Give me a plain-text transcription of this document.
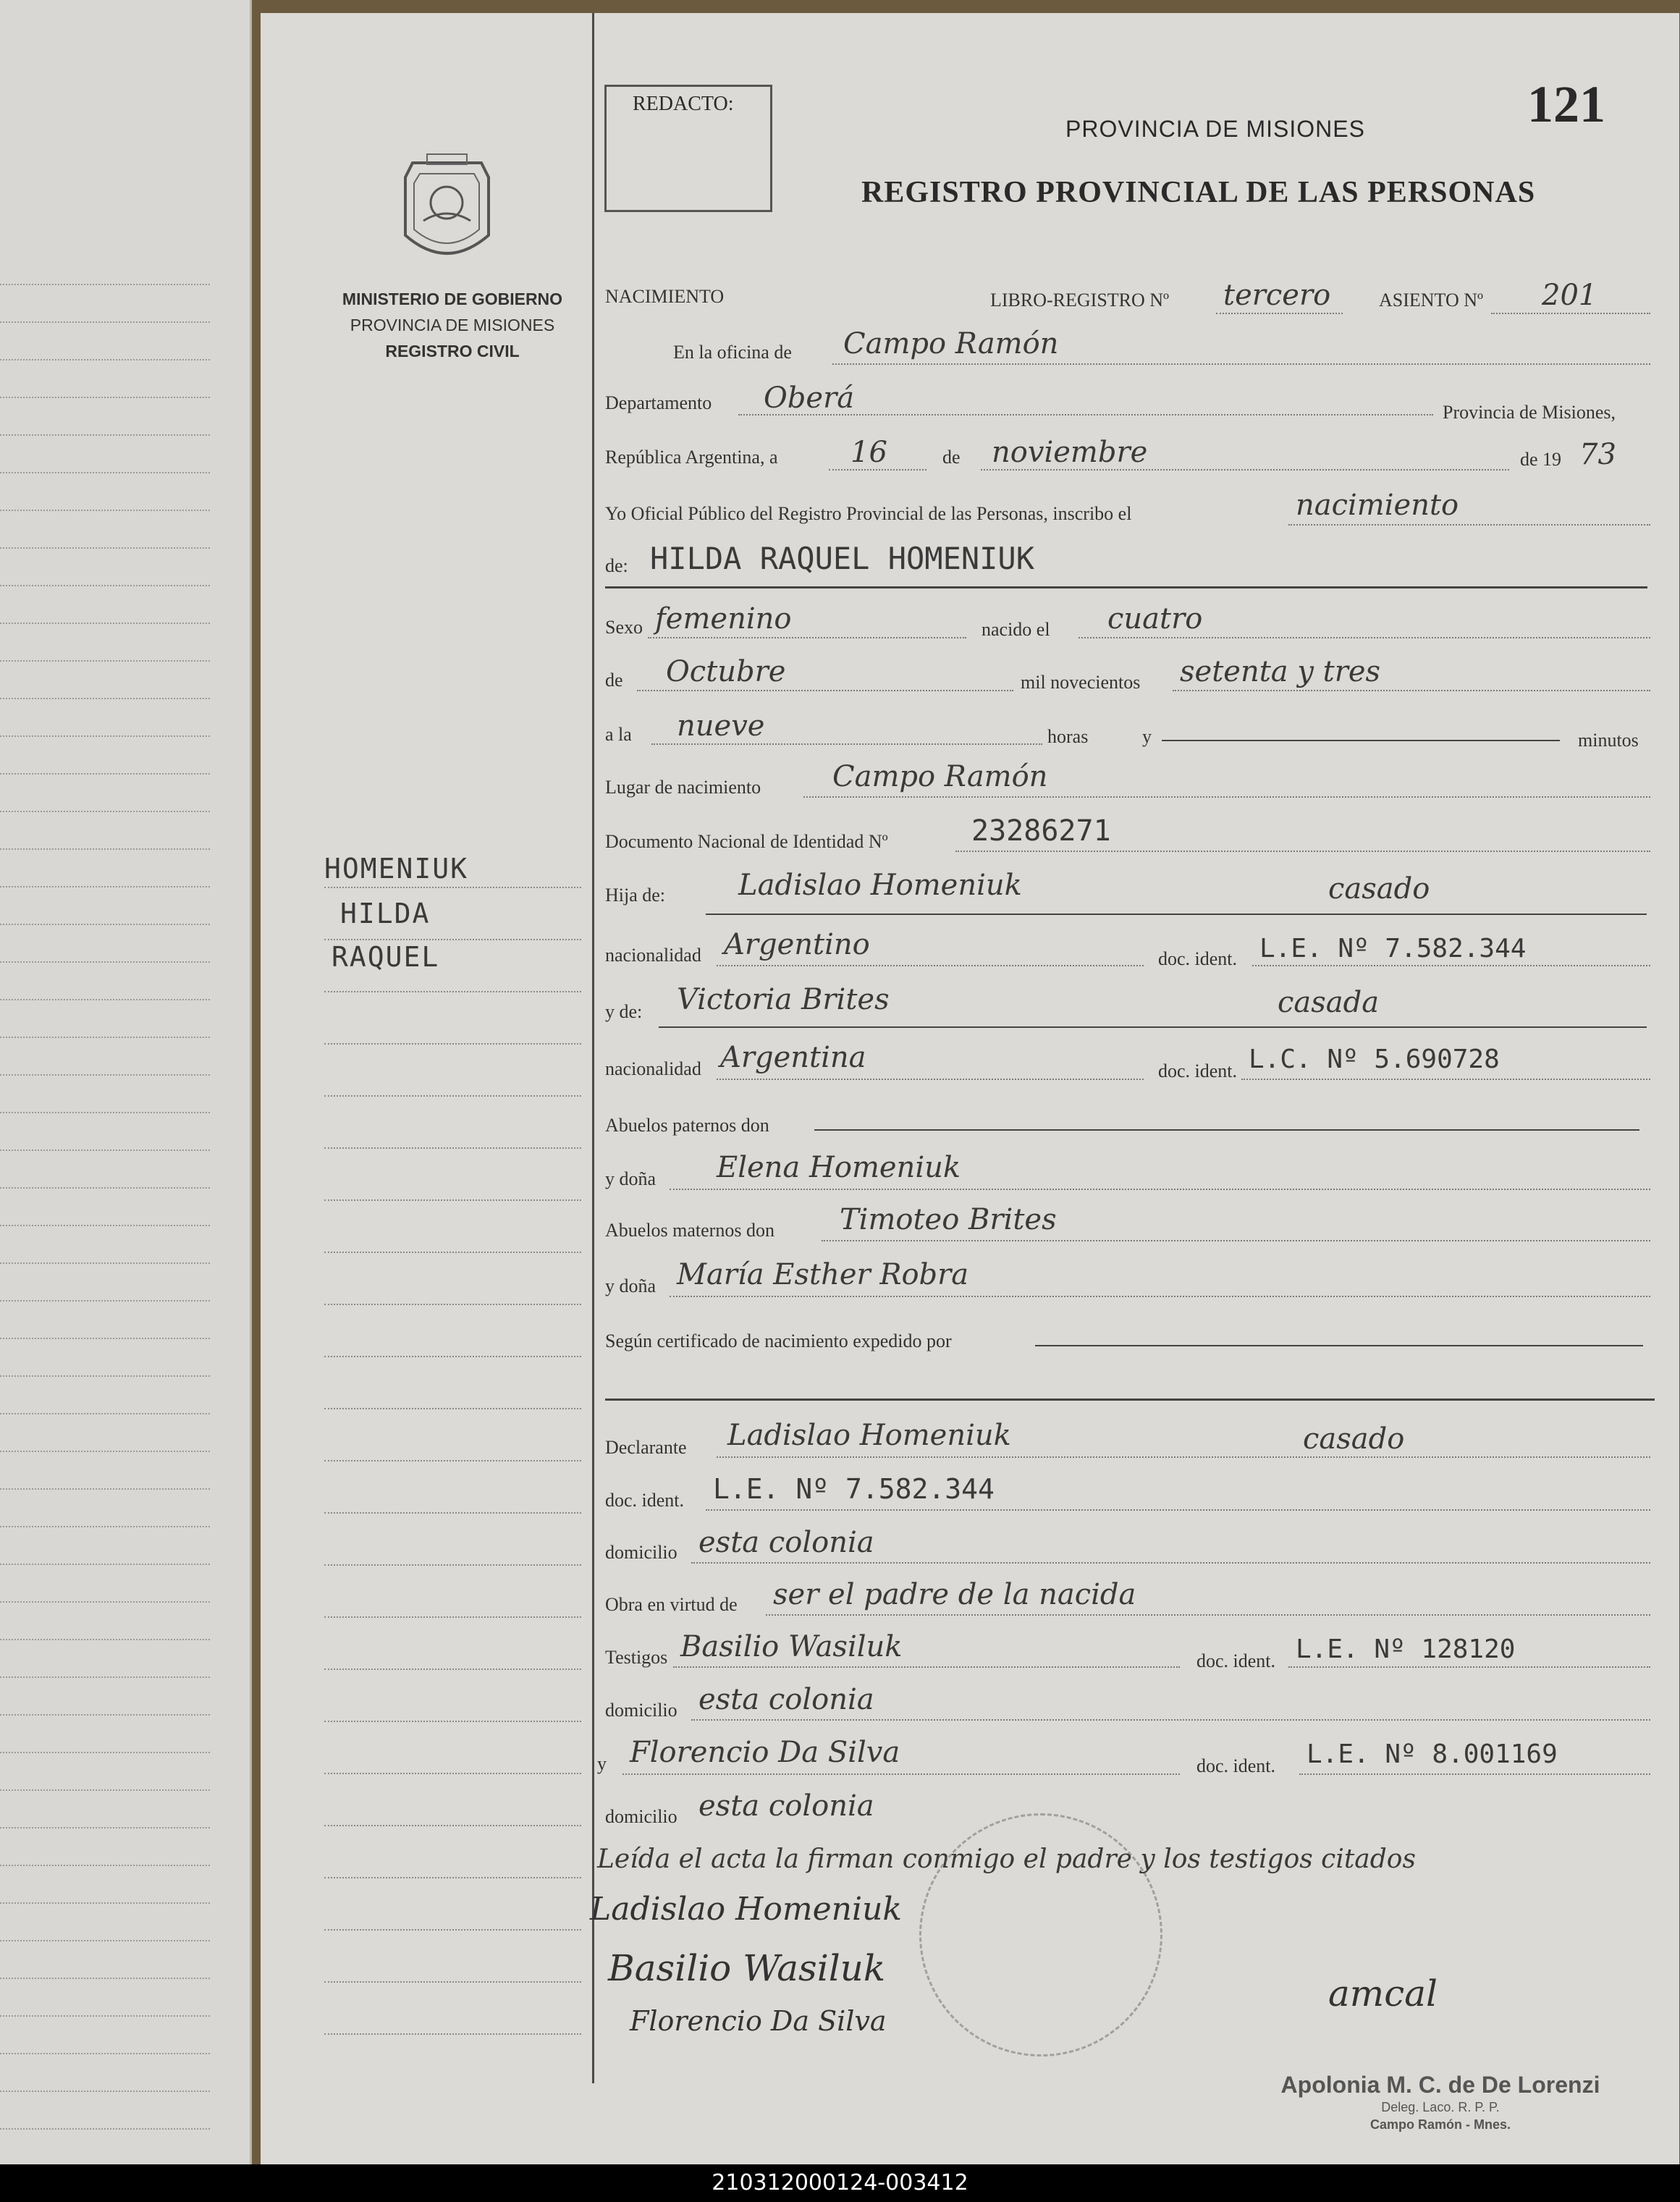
MINISTERIO DE GOBIERNO
PROVINCIA DE MISIONES
REGISTRO CIVIL
HOMENIUK
HILDA
RAQUEL
REDACTO:	121
PROVINCIA DE MISIONES
REGISTRO PROVINCIAL DE LAS PERSONAS
NACIMIENTO	LIBRO-REGISTRO Nº tercero	ASIENTO Nº 201
En la oficina de Campo Ramón
Departamento Oberá	Provincia de Misiones,
República Argentina, a	16	de noviembre	de 19 73
Yo Oficial Público del Registro Provincial de las Personas, inscribo el	nacimiento
de: HILDA RAQUEL HOMENIUK
Sexo femenino	nacido el cuatro
de Octubre	mil novecientos setenta y tres
a la nueve	horas	y	minutos
Lugar de nacimiento Campo Ramón
Documento Nacional de Identidad Nº	23286271
Hija de:	Ladislao Homeniuk	casado
nacionalidad Argentino	doc. ident. L.E. Nº 7.582.344
y de: Victoria Brites	casada
nacionalidad Argentina	doc. ident. L.C. Nº 5.690728
Abuelos paternos don
y doña Elena Homeniuk
Abuelos maternos don Timoteo Brites
y doña María Esther Robra
Según certificado de nacimiento expedido por
Declarante Ladislao Homeniuk	casado
doc. ident. L.E. Nº 7.582.344
domicilio esta colonia
Obra en virtud de ser el padre de la nacida
Testigos Basilio Wasiluk	doc. ident. L.E. Nº 128120
domicilio esta colonia
y Florencio Da Silva	doc. ident. L.E. Nº 8.001169
domicilio esta colonia
Leída el acta la firman conmigo el padre y los testigos citados
Ladislao Homeniuk
Basilio Wasiluk
Florencio Da Silva
amcal
Apolonia M. C. de De Lorenzi
Deleg. Laco. R. P. P.
Campo Ramón - Mnes.
210312000124-003412
